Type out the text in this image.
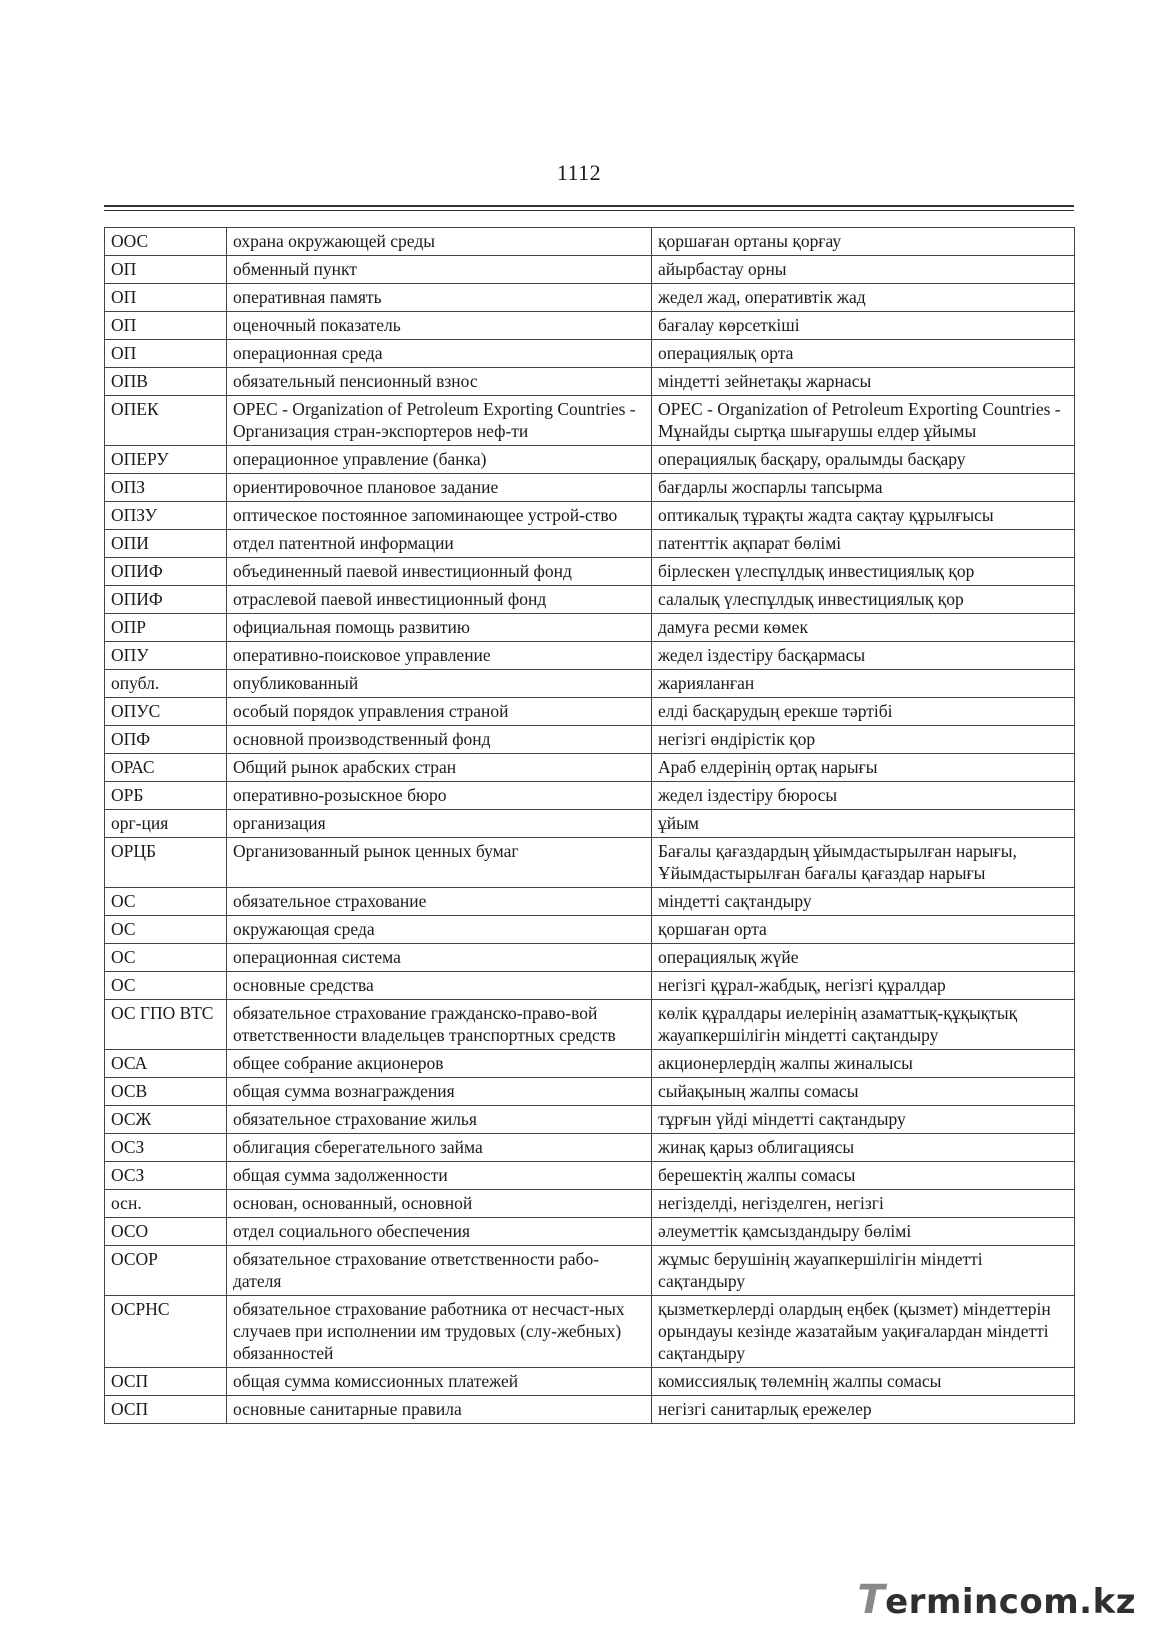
1112
ООС	охрана окружающей среды	қоршаған ортаны қорғау
ОП	обменный пункт	айырбастау орны
ОП	оперативная память	жедел жад, оперативтік жад
ОП	оценочный показатель	бағалау көрсеткіші
ОП	операционная среда	операциялық орта
ОПВ	обязательный пенсионный взнос	міндетті зейнетақы жарнасы
ОПЕК	OPEC - Organization of Petroleum Exporting Countries - Организация стран-экспортеров неф-ти	OPEC - Organization of Petroleum Exporting Countries - Мұнайды сыртқа шығарушы елдер ұйымы
ОПЕРУ	операционное управление (банка)	операциялық басқару, оралымды басқару
ОПЗ	ориентировочное плановое задание	бағдарлы жоспарлы тапсырма
ОПЗУ	оптическое постоянное запоминающее устрой-ство	оптикалық тұрақты жадта сақтау құрылғысы
ОПИ	отдел патентной информации	патенттік ақпарат бөлімі
ОПИФ	объединенный паевой инвестиционный фонд	бірлескен үлеспұлдық инвестициялық қор
ОПИФ	отраслевой паевой инвестиционный фонд	салалық үлеспұлдық инвестициялық қор
ОПР	официальная помощь развитию	дамуға ресми көмек
ОПУ	оперативно-поисковое управление	жедел іздестіру басқармасы
опубл.	опубликованный	жарияланған
ОПУС	особый порядок управления страной	елді басқарудың ерекше тәртібі
ОПФ	основной производственный фонд	негізгі өндірістік қор
ОРАС	Общий рынок арабских стран	Араб елдерінің ортақ нарығы
ОРБ	оперативно-розыскное бюро	жедел іздестіру бюросы
орг-ция	организация	ұйым
ОРЦБ	Организованный рынок ценных бумаг	Бағалы қағаздардың ұйымдастырылған нарығы, Ұйымдастырылған бағалы қағаздар нарығы
ОС	обязательное страхование	міндетті сақтандыру
ОС	окружающая среда	қоршаған орта
ОС	операционная система	операциялық жүйе
ОС	основные средства	негізгі құрал-жабдық, негізгі құралдар
ОС ГПО ВТС	обязательное страхование гражданско-право-вой ответственности владельцев транспортных средств	көлік құралдары иелерінің азаматтық-құқықтық жауапкершілігін міндетті сақтандыру
ОСА	общее собрание акционеров	акционерлердің жалпы жиналысы
ОСВ	общая сумма вознаграждения	сыйақының жалпы сомасы
ОСЖ	обязательное страхование жилья	тұрғын үйді міндетті сақтандыру
ОСЗ	облигация сберегательного займа	жинақ қарыз облигациясы
ОСЗ	общая сумма задолженности	берешектің жалпы сомасы
осн.	основан, основанный, основной	негізделді, негізделген, негізгі
ОСО	отдел социального обеспечения	әлеуметтік қамсыздандыру бөлімі
ОСОР	обязательное страхование ответственности рабо-дателя	жұмыс берушінің жауапкершілігін міндетті сақтандыру
ОСРНС	обязательное страхование работника от несчаст-ных случаев при исполнении им трудовых (слу-жебных) обязанностей	қызметкерлерді олардың еңбек (қызмет) міндеттерін орындауы кезінде жазатайым уақиғалардан міндетті сақтандыру
ОСП	общая сумма комиссионных платежей	комиссиялық төлемнің жалпы сомасы
ОСП	основные санитарные правила	негізгі санитарлық ережелер
Termincom.kz
